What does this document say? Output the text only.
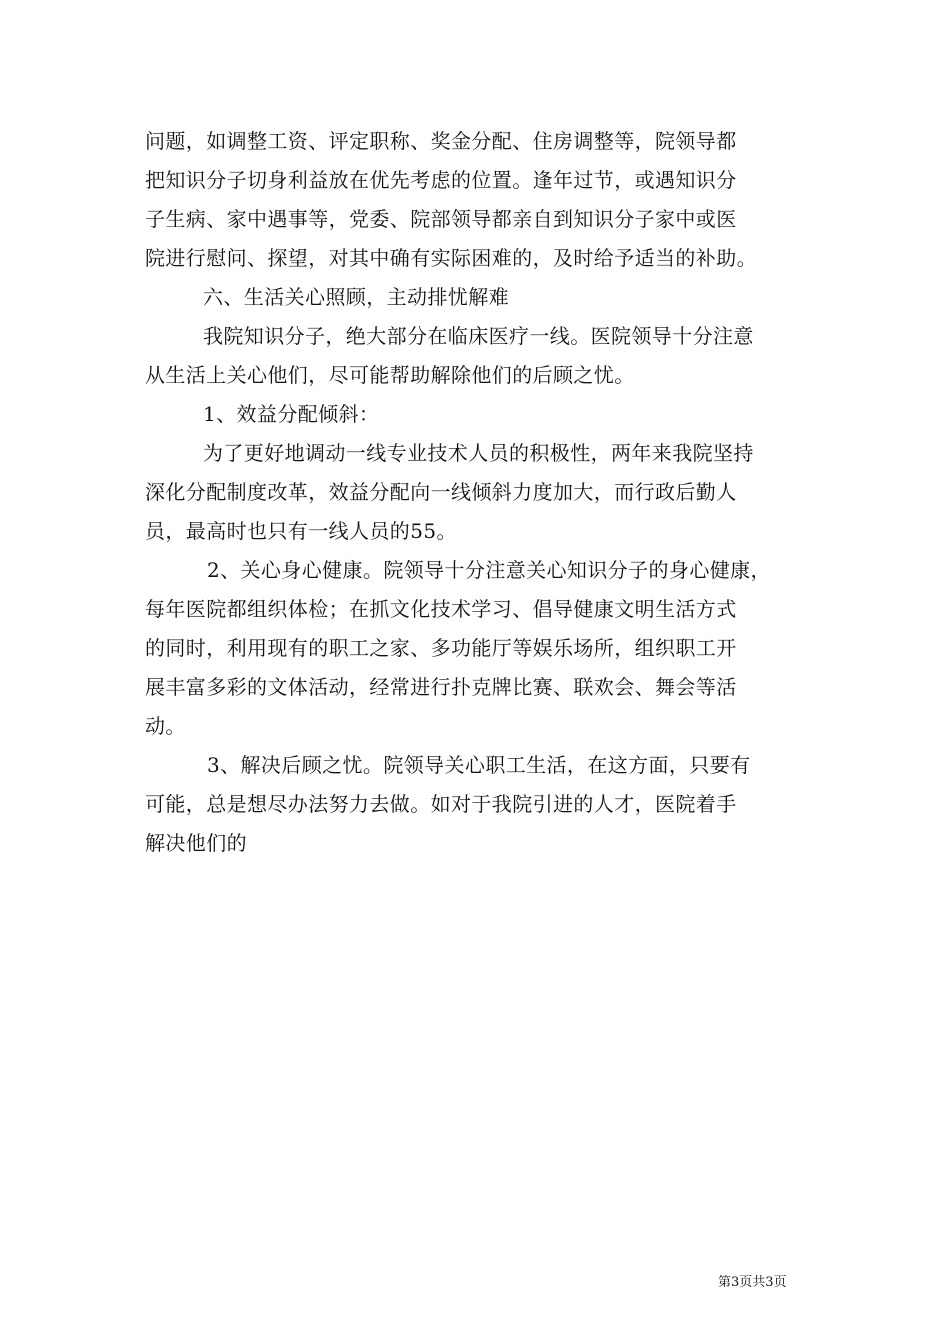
问题，如调整工资、评定职称、奖金分配、住房调整等，院领导都
把知识分子切身利益放在优先考虑的位置。逢年过节，或遇知识分
子生病、家中遇事等，党委、院部领导都亲自到知识分子家中或医
院进行慰问、探望，对其中确有实际困难的，及时给予适当的补助。
六、生活关心照顾，主动排忧解难
我院知识分子，绝大部分在临床医疗一线。医院领导十分注意
从生活上关心他们，尽可能帮助解除他们的后顾之忧。
1、效益分配倾斜：
为了更好地调动一线专业技术人员的积极性，两年来我院坚持
深化分配制度改革，效益分配向一线倾斜力度加大，而行政后勤人
员，最高时也只有一线人员的55。
2、关心身心健康。院领导十分注意关心知识分子的身心健康，
每年医院都组织体检；在抓文化技术学习、倡导健康文明生活方式
的同时，利用现有的职工之家、多功能厅等娱乐场所，组织职工开
展丰富多彩的文体活动，经常进行扑克牌比赛、联欢会、舞会等活
动。
3、解决后顾之忧。院领导关心职工生活，在这方面，只要有
可能，总是想尽办法努力去做。如对于我院引进的人才，医院着手
解决他们的
第3页共3页
